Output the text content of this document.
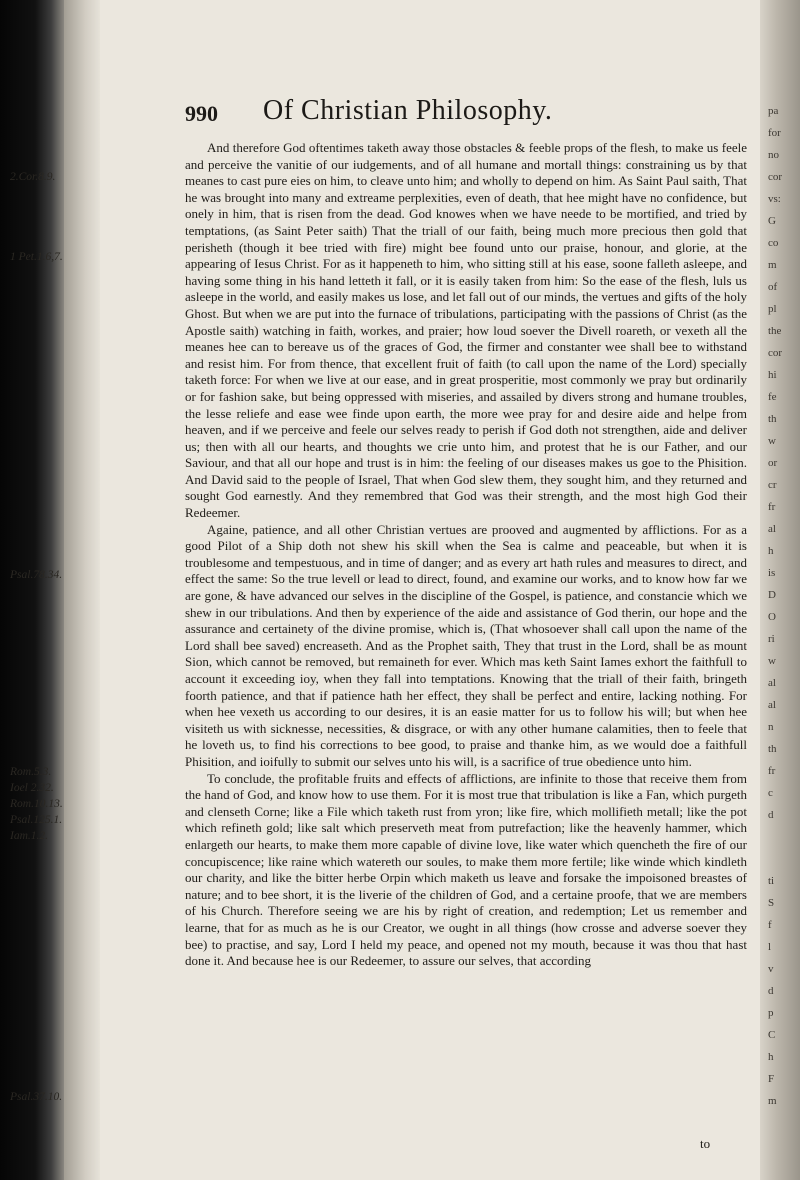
pa
for
no
cor
vs:
G
co
m
of
pl
the
cor
hi
fe
th
w
or
cr
fr
al
h
is
D
O
ri
w
al
al
n
th
fr
c
d

ti
S
f
l
v
d
p
C
h
F
m
990 Of Christian Philosophy.
2.Cor.8.9.
1 Pet.1.6,7.
Psal.78.34.
Rom.5.3.
Ioel 2.32.
Rom.10.13.
Psal.125.1.
Iam.1.2.
Psal.37.10.

And therefore God oftentimes taketh away those obstacles & feeble props of the flesh, to make us feele and perceive the vanitie of our iudgements, and of all humane and mortall things: constraining us by that meanes to cast pure eies on him, to cleave unto him; and wholly to depend on him. As Saint Paul saith, That he was brought into many and extreame perplexities, even of death, that hee might have no confidence, but onely in him, that is risen from the dead. God knowes when we have neede to be mortified, and tried by temptations, (as Saint Peter saith) That the triall of our faith, being much more precious then gold that perisheth (though it bee tried with fire) might bee found unto our praise, honour, and glorie, at the appearing of Iesus Christ. For as it happeneth to him, who sitting still at his ease, soone falleth asleepe, and having some thing in his hand letteth it fall, or it is easily taken from him: So the ease of the flesh, luls us asleepe in the world, and easily makes us lose, and let fall out of our minds, the vertues and gifts of the holy Ghost. But when we are put into the furnace of tribulations, participating with the passions of Christ (as the Apostle saith) watching in faith, workes, and praier; how loud soever the Divell roareth, or vexeth all the meanes hee can to bereave us of the graces of God, the firmer and constanter wee shall bee to withstand and resist him. For from thence, that excellent fruit of faith (to call upon the name of the Lord) specially taketh force: For when we live at our ease, and in great prosperitie, most commonly we pray but ordinarily or for fashion sake, but being oppressed with miseries, and assailed by divers strong and humane troubles, the lesse reliefe and ease wee finde upon earth, the more wee pray for and desire aide and helpe from heaven, and if we perceive and feele our selves ready to perish if God doth not strengthen, aide and deliver us; then with all our hearts, and thoughts we crie unto him, and protest that he is our Father, and our Saviour, and that all our hope and trust is in him: the feeling of our diseases makes us goe to the Phisition. And David said to the people of Israel, That when God slew them, they sought him, and they returned and sought God earnestly. And they remembred that God was their strength, and the most high God their Redeemer.

Againe, patience, and all other Christian vertues are prooved and augmented by afflictions. For as a good Pilot of a Ship doth not shew his skill when the Sea is calme and peaceable, but when it is troublesome and tempestuous, and in time of danger; and as every art hath rules and measures to direct, and effect the same: So the true levell or lead to direct, found, and examine our works, and to know how far we are gone, & have advanced our selves in the discipline of the Gospel, is patience, and constancie which we shew in our tribulations. And then by experience of the aide and assistance of God therin, our hope and the assurance and certainety of the divine promise, which is, (That whosoever shall call upon the name of the Lord shall bee saved) encreaseth. And as the Prophet saith, They that trust in the Lord, shall be as mount Sion, which cannot be removed, but remaineth for ever. Which mas keth Saint Iames exhort the faithfull to account it exceeding ioy, when they fall into temptations. Knowing that the triall of their faith, bringeth foorth patience, and that if patience hath her effect, they shall be perfect and entire, lacking nothing. For when hee vexeth us according to our desires, it is an easie matter for us to follow his will; but when hee visiteth us with sicknesse, necessities, & disgrace, or with any other humane calamities, then to feele that he loveth us, to find his corrections to bee good, to praise and thanke him, as we would doe a faithfull Phisition, and ioifully to submit our selves unto his will, is a sacrifice of true obedience unto him.

To conclude, the profitable fruits and effects of afflictions, are infinite to those that receive them from the hand of God, and know how to use them. For it is most true that tribulation is like a Fan, which purgeth and clenseth Corne; like a File which taketh rust from yron; like fire, which mollifieth metall; like the pot which refineth gold; like salt which preserveth meat from putrefaction; like the heavenly hammer, which enlargeth our hearts, to make them more capable of divine love, like water which quencheth the fire of our concupiscence; like raine which watereth our soules, to make them more fertile; like winde which kindleth our charity, and like the bitter herbe Orpin which maketh us leave and forsake the impoisoned breastes of nature; and to bee short, it is the liverie of the children of God, and a certaine proofe, that we are members of his Church. Therefore seeing we are his by right of creation, and redemption; Let us remember and learne, that for as much as he is our Creator, we ought in all things (how crosse and adverse soever they bee) to practise, and say, Lord I held my peace, and opened not my mouth, because it was thou that hast done it. And because hee is our Redeemer, to assure our selves, that according

to
